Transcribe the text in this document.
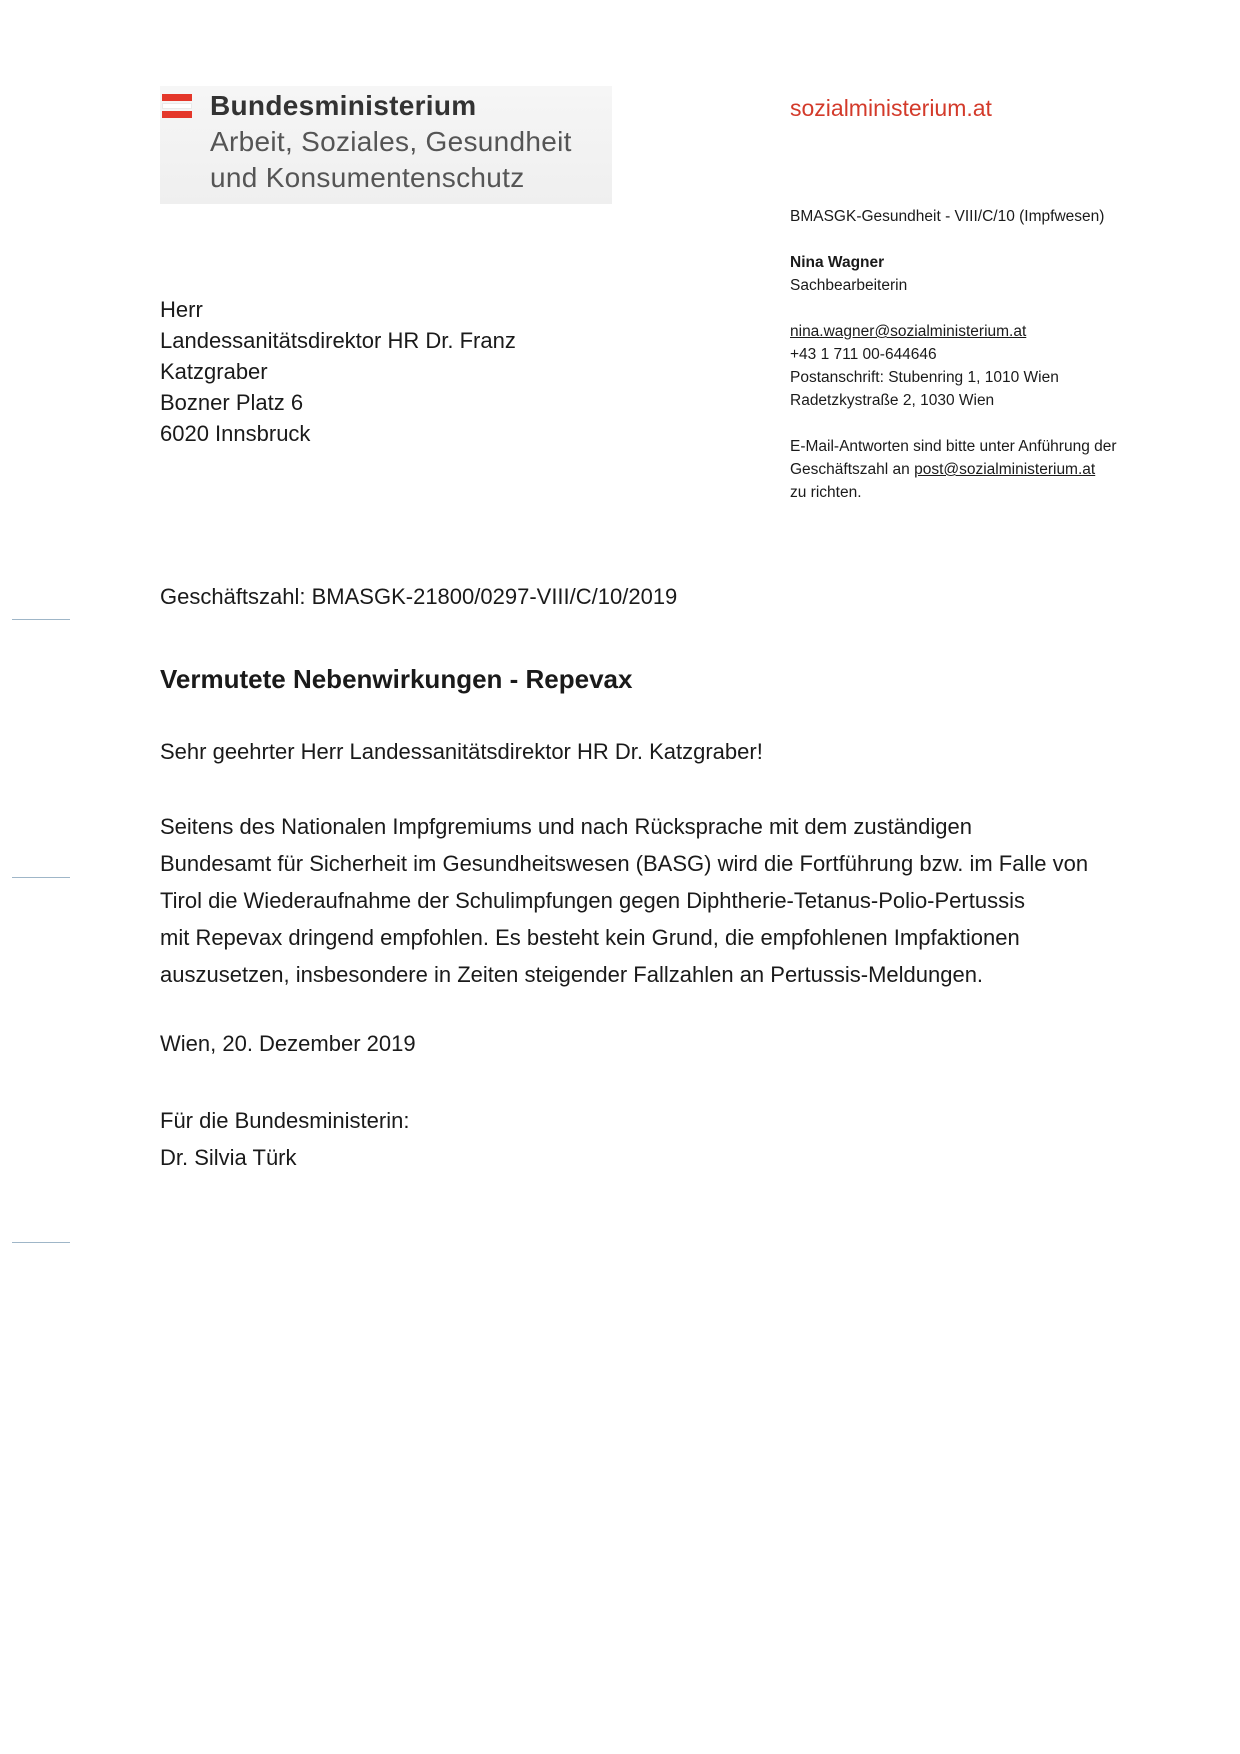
Bundesministerium
Arbeit, Soziales, Gesundheit
und Konsumentenschutz
sozialministerium.at
BMASGK-Gesundheit - VIII/C/10 (Impfwesen)
Nina Wagner
Sachbearbeiterin
nina.wagner@sozialministerium.at
+43 1 711 00-644646
Postanschrift: Stubenring 1, 1010 Wien
Radetzkystraße 2, 1030 Wien
E-Mail-Antworten sind bitte unter Anführung der
Geschäftszahl an post@sozialministerium.at
zu richten.
Herr
Landessanitätsdirektor HR Dr. Franz
Katzgraber
Bozner Platz 6
6020 Innsbruck
Geschäftszahl: BMASGK-21800/0297-VIII/C/10/2019
Vermutete Nebenwirkungen - Repevax
Sehr geehrter Herr Landessanitätsdirektor HR Dr. Katzgraber!
Seitens des Nationalen Impfgremiums und nach Rücksprache mit dem zuständigen
Bundesamt für Sicherheit im Gesundheitswesen (BASG) wird die Fortführung bzw. im Falle von
Tirol die Wiederaufnahme der Schulimpfungen gegen Diphtherie-Tetanus-Polio-Pertussis
mit Repevax dringend empfohlen. Es besteht kein Grund, die empfohlenen Impfaktionen
auszusetzen, insbesondere in Zeiten steigender Fallzahlen an Pertussis-Meldungen.
Wien, 20. Dezember 2019
Für die Bundesministerin:
Dr. Silvia Türk
